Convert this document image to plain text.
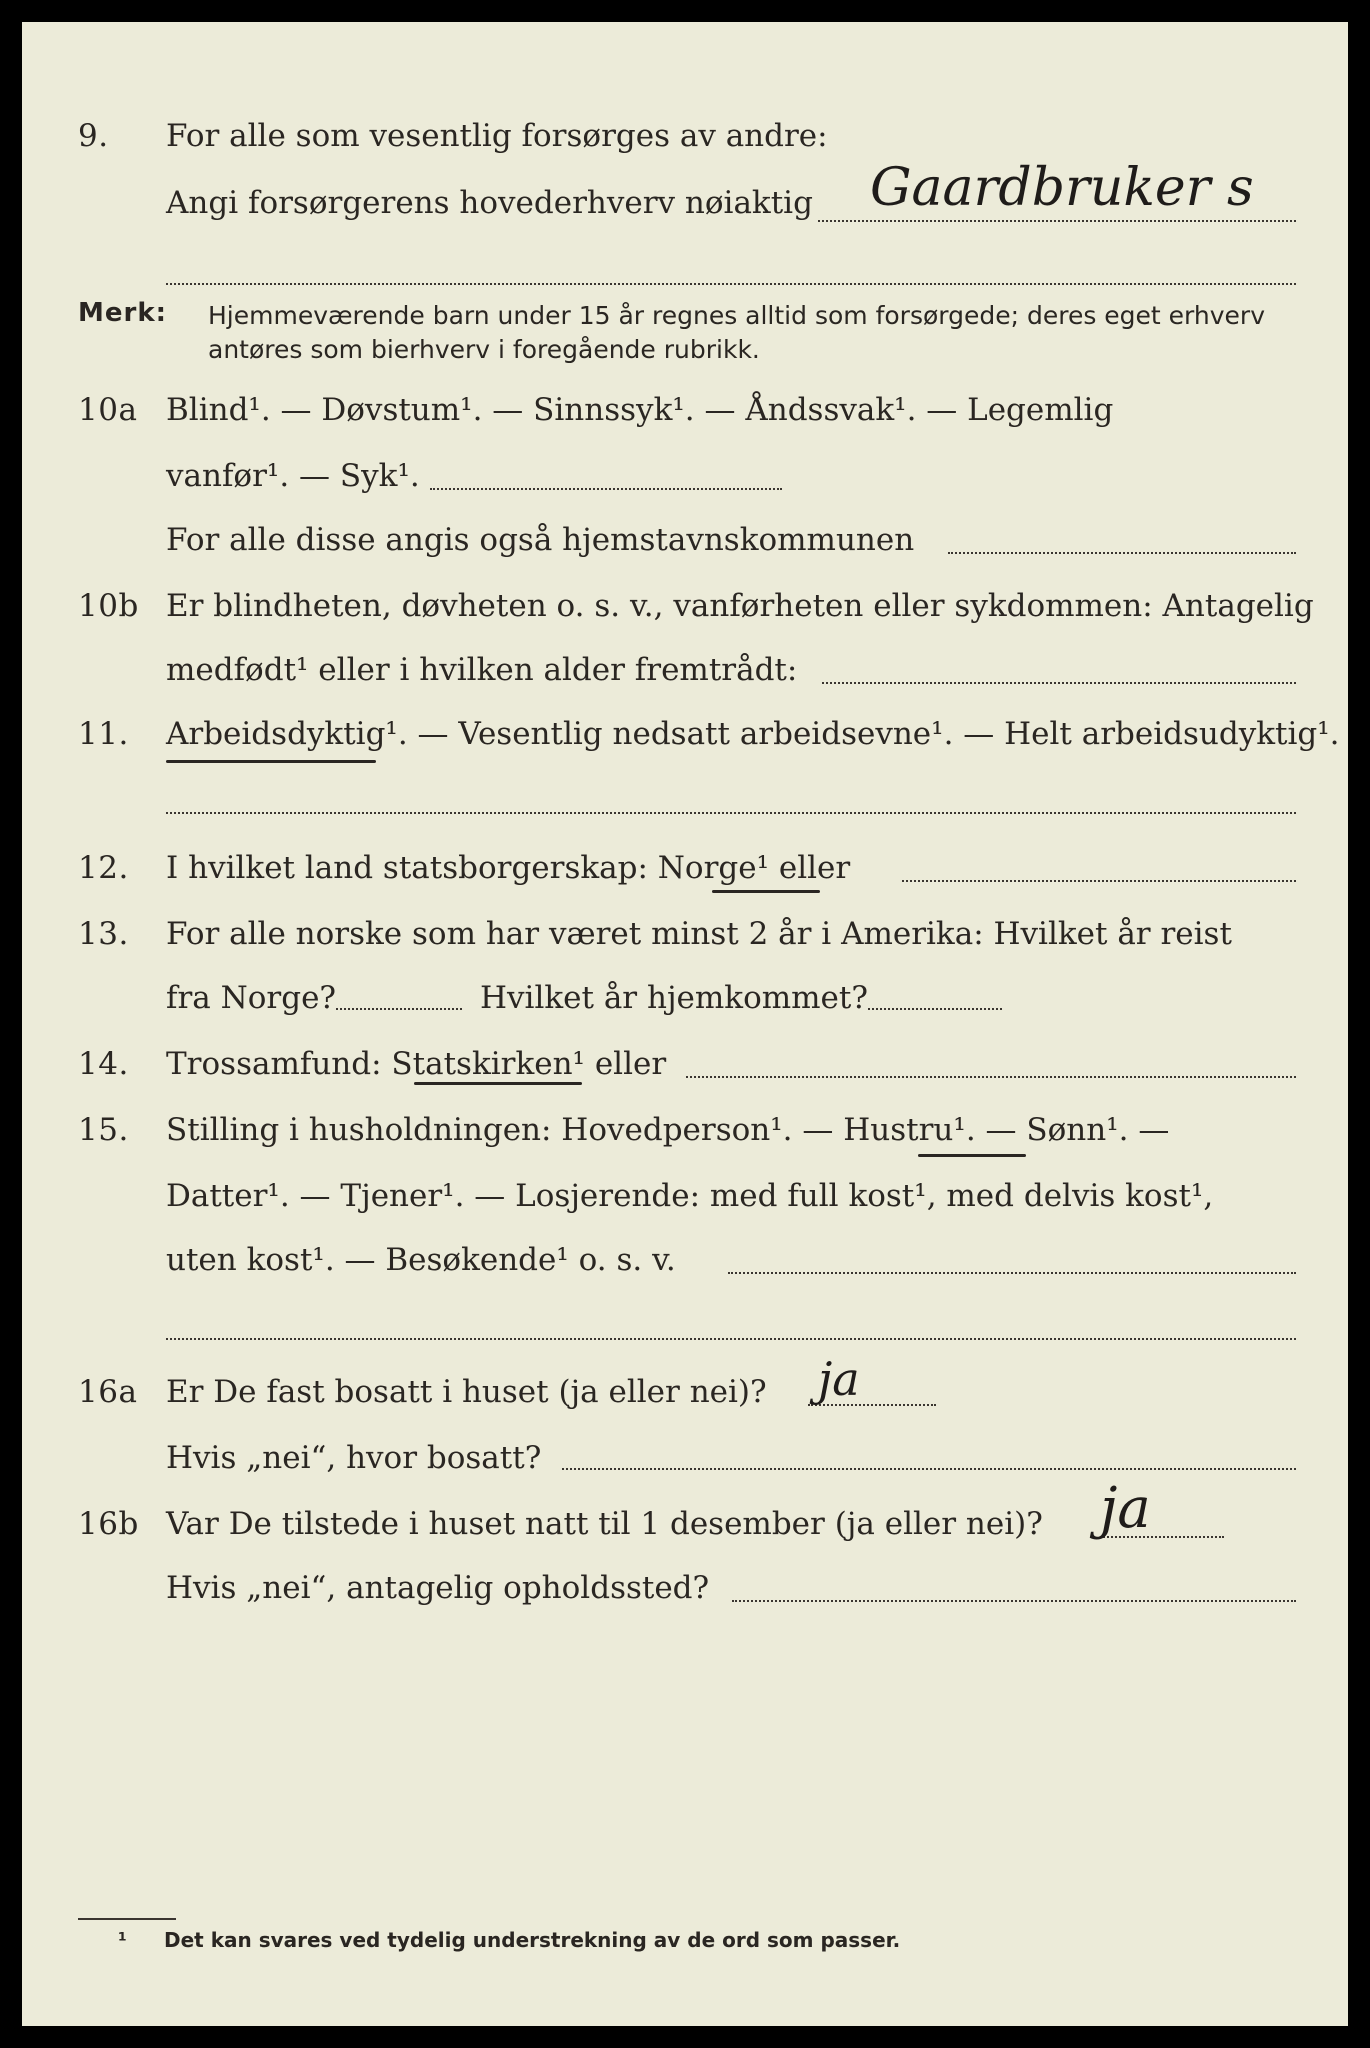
9. For alle som vesentlig forsørges av andre:
Angi forsørgerens hovederhverv nøiaktig Gaardbruker s
Merk: Hjemmeværende barn under 15 år regnes alltid som forsørgede; deres eget erhverv
antøres som bierhverv i foregående rubrikk.
10a Blind¹. — Døvstum¹. — Sinnssyk¹. — Åndssvak¹. — Legemlig
vanfør¹. — Syk¹.
For alle disse angis også hjemstavnskommunen
10b Er blindheten, døvheten o. s. v., vanførheten eller sykdommen: Antagelig
medfødt¹ eller i hvilken alder fremtrådt:
11. Arbeidsdyktig¹. — Vesentlig nedsatt arbeidsevne¹. — Helt arbeidsudyktig¹.
12. I hvilket land statsborgerskap: Norge¹ eller
13. For alle norske som har været minst 2 år i Amerika: Hvilket år reist
fra Norge?	Hvilket år hjemkommet?
14. Trossamfund: Statskirken¹ eller
15. Stilling i husholdningen: Hovedperson¹. — Hustru¹. — Sønn¹. —
Datter¹. — Tjener¹. — Losjerende: med full kost¹, med delvis kost¹,
uten kost¹. — Besøkende¹ o. s. v.
16a Er De fast bosatt i huset (ja eller nei)? ja
Hvis „nei“, hvor bosatt?
16b Var De tilstede i huset natt til 1 desember (ja eller nei)? ja
Hvis „nei“, antagelig opholdssted?
¹ Det kan svares ved tydelig understrekning av de ord som passer.
